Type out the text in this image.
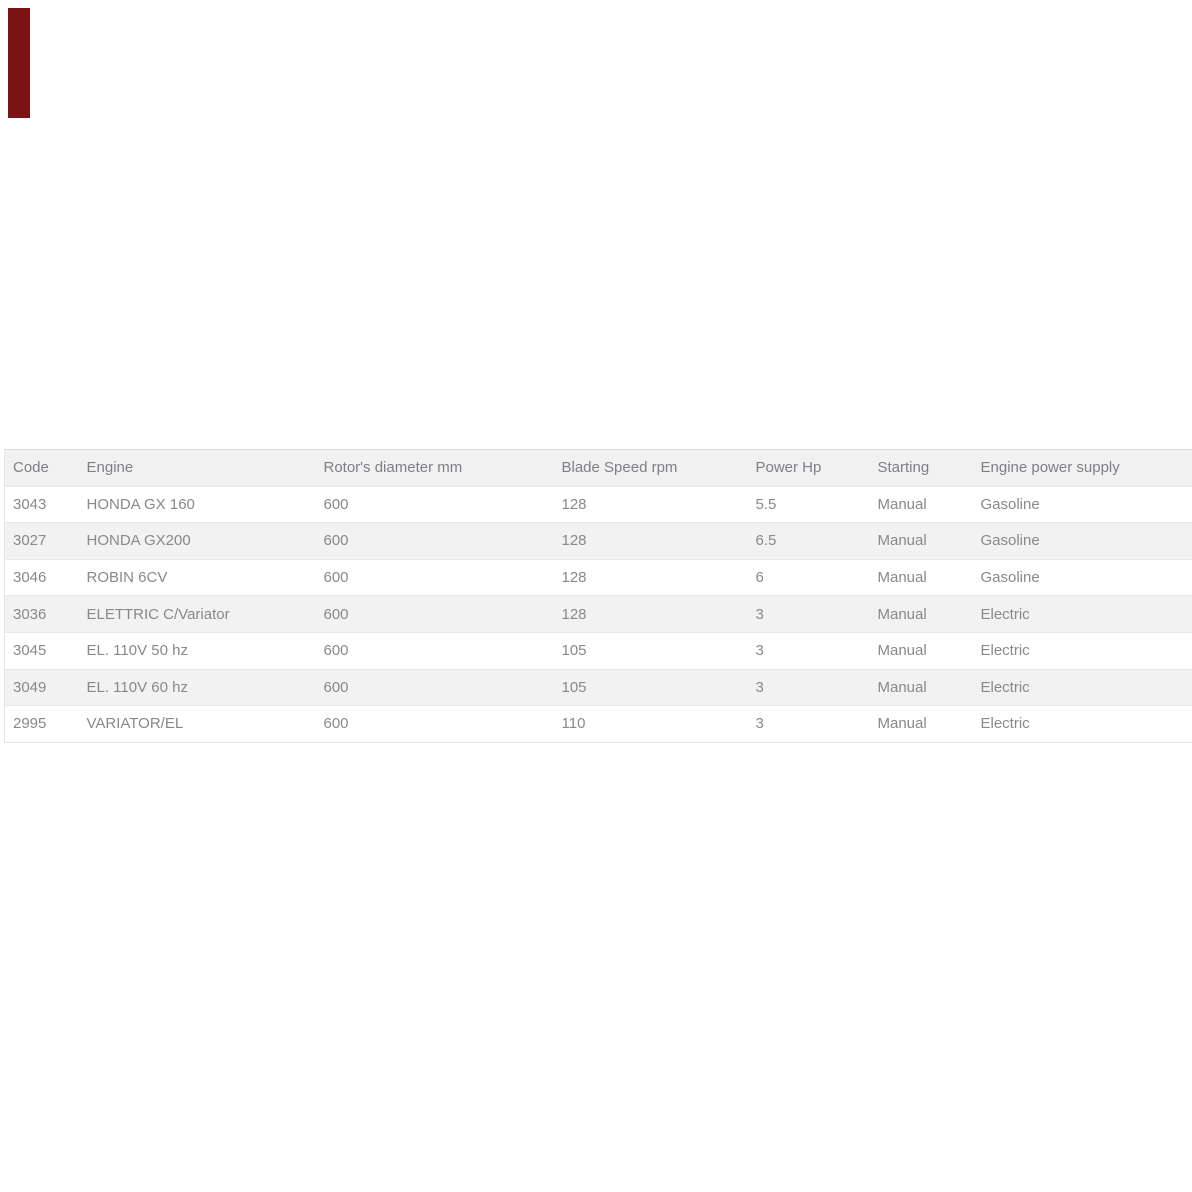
Code	Engine	Rotor's diameter mm	Blade Speed rpm	Power Hp	Starting	Engine power supply
3043	HONDA GX 160	600	128	5.5	Manual	Gasoline
3027	HONDA GX200	600	128	6.5	Manual	Gasoline
3046	ROBIN 6CV	600	128	6	Manual	Gasoline
3036	ELETTRIC C/Variator	600	128	3	Manual	Electric
3045	EL. 110V 50 hz	600	105	3	Manual	Electric
3049	EL. 110V 60 hz	600	105	3	Manual	Electric
2995	VARIATOR/EL	600	110	3	Manual	Electric
